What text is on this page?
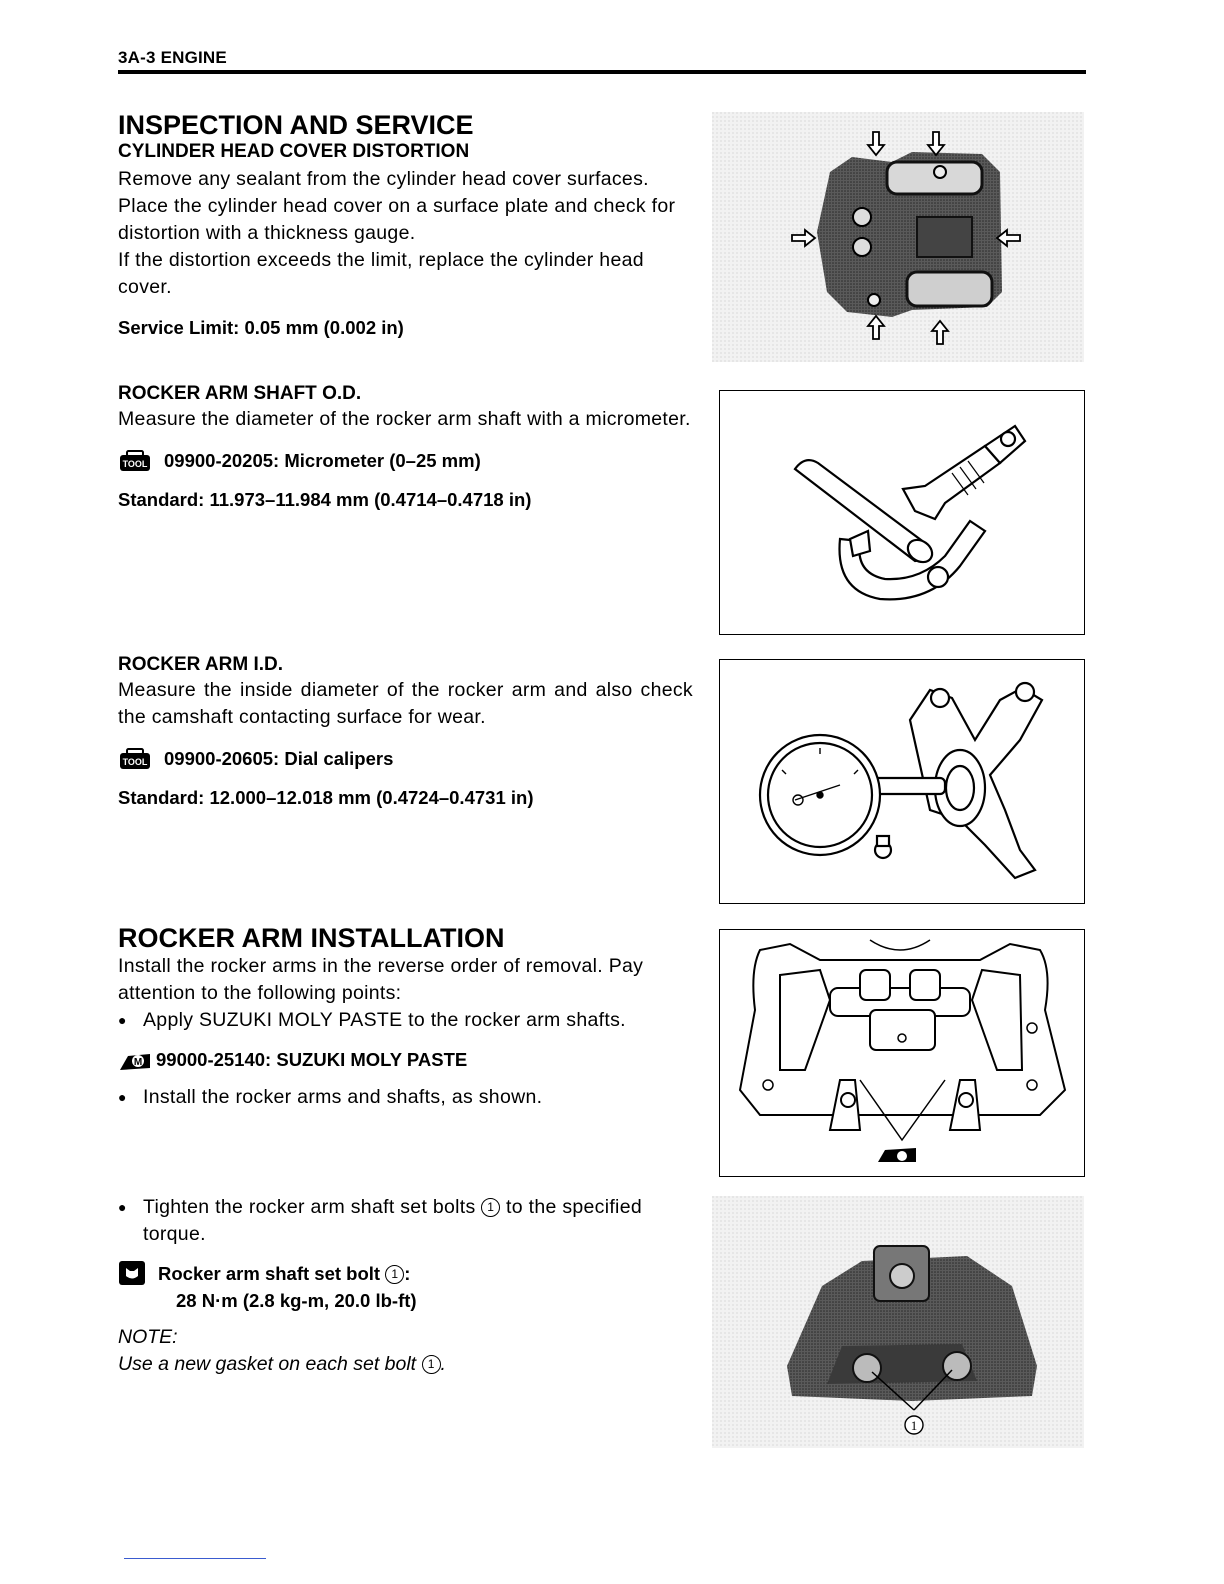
3A-3 ENGINE
INSPECTION AND SERVICE
CYLINDER HEAD COVER DISTORTION

Remove any sealant from the cylinder head cover surfaces. Place the cylinder head cover on a surface plate and check for distortion with a thickness gauge.

If the distortion exceeds the limit, replace the cylinder head cover.

Service Limit: 0.05 mm (0.002 in)

ROCKER ARM SHAFT O.D.

Measure the diameter of the rocker arm shaft with a micrometer.

TOOL 09900-20205: Micrometer (0–25 mm)

Standard: 11.973–11.984 mm (0.4714–0.4718 in)

ROCKER ARM I.D.

Measure the inside diameter of the rocker arm and also check the camshaft contacting surface for wear.

TOOL 09900-20605: Dial calipers

Standard: 12.000–12.018 mm (0.4724–0.4731 in)

ROCKER ARM INSTALLATION

Install the rocker arms in the reverse order of removal. Pay attention to the following points:

● Apply SUZUKI MOLY PASTE to the rocker arm shafts.
M 99000-25140: SUZUKI MOLY PASTE
● Install the rocker arms and shafts, as shown.
● Tighten the rocker arm shaft set bolts 1 to the specified torque.
Rocker arm shaft set bolt 1 :
28 N·m (2.8 kg-m, 20.0 lb-ft)

NOTE:

Use a new gasket on each set bolt 1 .

1
